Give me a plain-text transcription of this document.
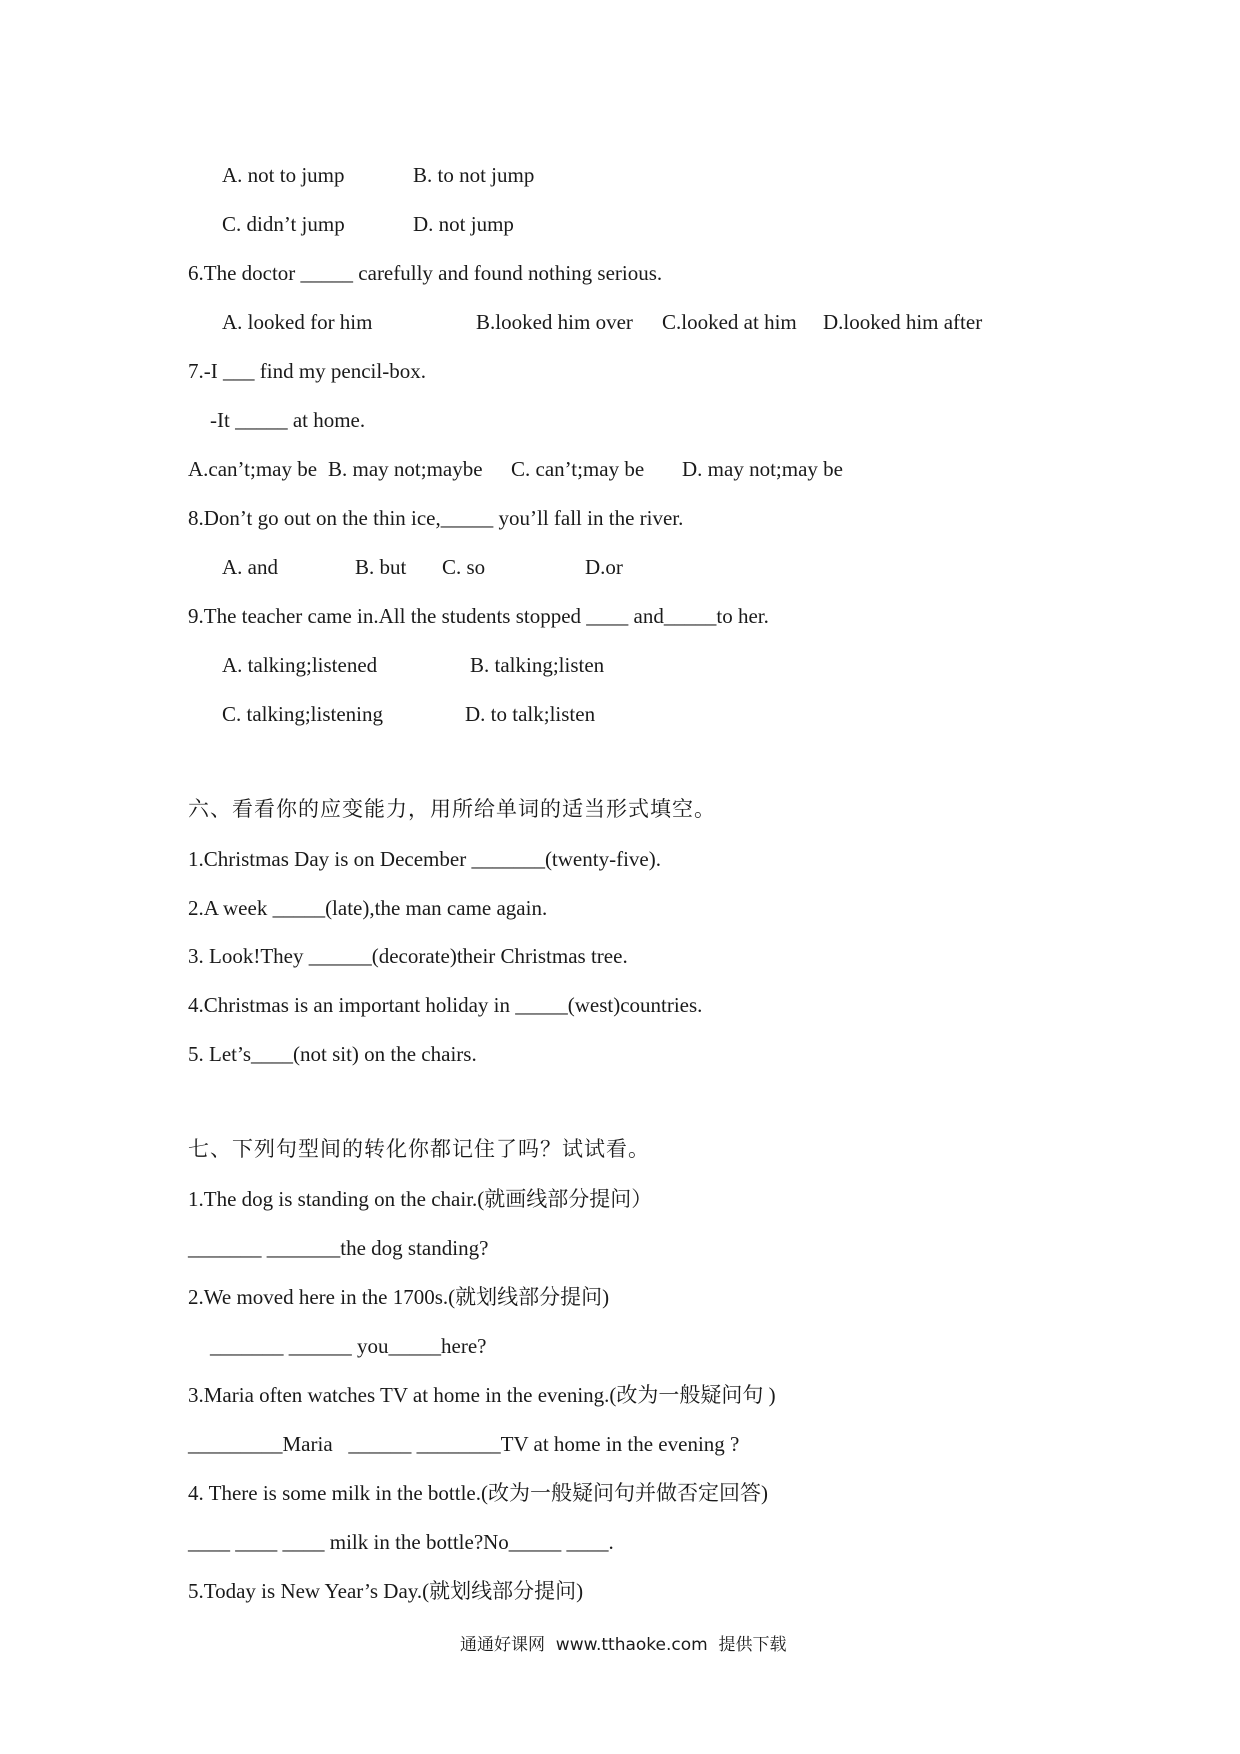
A. not to jump	B. to not jump
C. didn’t jump	D. not jump
6.The doctor _____ carefully and found nothing serious.
A. looked for him	B.looked him over C.looked at him D.looked him after
7.-I ___ find my pencil-box.
-It _____ at home.
A.can’t;may be B. may not;maybe C. can’t;may be D. may not;may be
8.Don’t go out on the thin ice,_____ you’ll fall in the river.
A. and	B. but C. so	D.or
9.The teacher came in.All the students stopped ____ and_____to her.
A. talking;listened	B. talking;listen
C. talking;listening	D. to talk;listen
六、看看你的应变能力，用所给单词的适当形式填空。
1.Christmas Day is on December _______(twenty-five).
2.A week _____(late),the man came again.
3. Look!They ______(decorate)their Christmas tree.
4.Christmas is an important holiday in _____(west)countries.
5. Let’s____(not sit) on the chairs.
七、下列句型间的转化你都记住了吗？试试看。
1.The dog is standing on the chair.(就画线部分提问）
_______ _______the dog standing?
2.We moved here in the 1700s.(就划线部分提问)
_______ ______ you_____here?
3.Maria often watches TV at home in the evening.(改为一般疑问句 )
_________Maria   ______ ________TV at home in the evening ?
4. There is some milk in the bottle.(改为一般疑问句并做否定回答)
____ ____ ____ milk in the bottle?No_____ ____.
5.Today is New Year’s Day.(就划线部分提问)
通通好课网  www.tthaoke.com  提供下载
